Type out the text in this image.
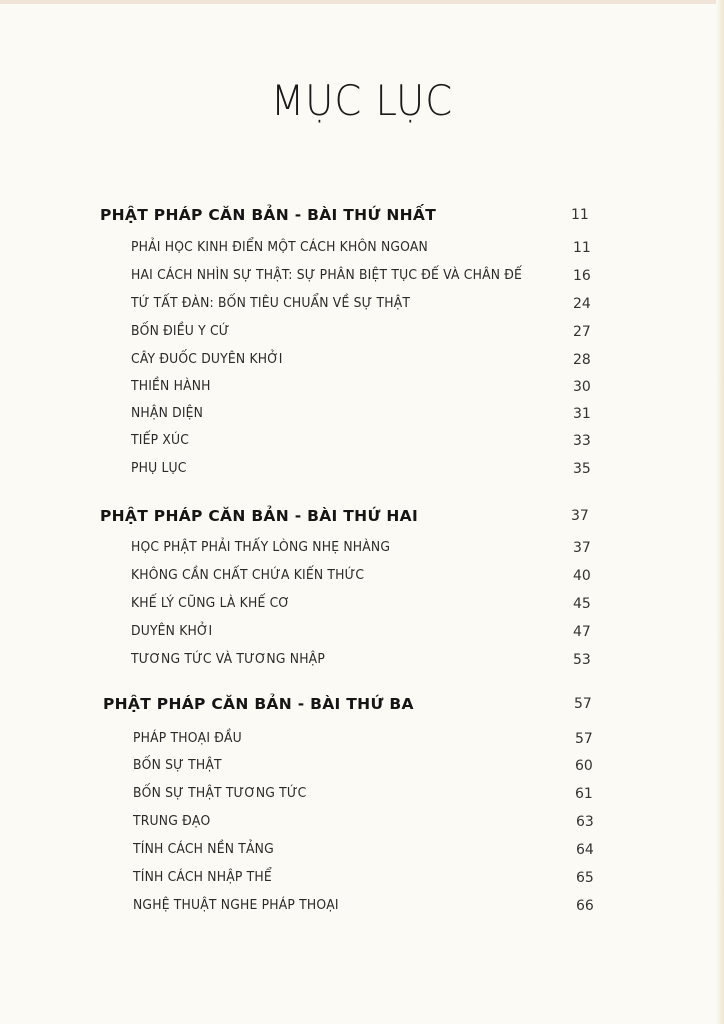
MỤC LỤC
PHẬT PHÁP CĂN BẢN - BÀI THỨ NHẤT	11
PHẢI HỌC KINH ĐIỂN MỘT CÁCH KHÔN NGOAN	11
HAI CÁCH NHÌN SỰ THẬT: SỰ PHÂN BIỆT TỤC ĐẾ VÀ CHÂN ĐẾ	16
TỨ TẤT ĐÀN: BỐN TIÊU CHUẨN VỀ SỰ THẬT	24
BỐN ĐIỀU Y CỨ	27
CÂY ĐUỐC DUYÊN KHỞI	28
THIỀN HÀNH	30
NHẬN DIỆN	31
TIẾP XÚC	33
PHỤ LỤC	35
PHẬT PHÁP CĂN BẢN - BÀI THỨ HAI	37
HỌC PHẬT PHẢI THẤY LÒNG NHẸ NHÀNG	37
KHÔNG CẦN CHẤT CHỨA KIẾN THỨC	40
KHẾ LÝ CŨNG LÀ KHẾ CƠ	45
DUYÊN KHỞI	47
TƯƠNG TỨC VÀ TƯƠNG NHẬP	53
PHẬT PHÁP CĂN BẢN - BÀI THỨ BA	57
PHÁP THOẠI ĐẦU	57
BỐN SỰ THẬT	60
BỐN SỰ THẬT TƯƠNG TỨC	61
TRUNG ĐẠO	63
TÍNH CÁCH NỀN TẢNG	64
TÍNH CÁCH NHẬP THỂ	65
NGHỆ THUẬT NGHE PHÁP THOẠI	66
